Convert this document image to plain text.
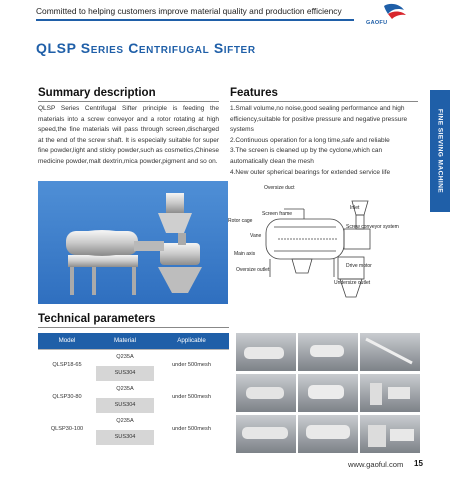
Committed to helping customers improve material quality and production efficiency
GAOFU
QLSP Series Centrifugal Sifter
Summary description	Features
QLSP Series Centrifugal Sifter principle is feeding the materials into a screw conveyor and a rotor rotating at high speed,the fine materials will pass through screen,discharged at the end of the screw shaft. It is especially suitable for super fine powder,light and sticky powder,such as cosmetics,Chinese medicine powder,malt dextrin,mica powder,pigment and so on.
1.Small volume,no noise,good sealing performance and high efficiency,suitable for positive pressure and negative pressure systems
2.Continuous operation for a long time,safe and reliable
3.The screen is cleaned up by the cyclone,which can automatically clean the mesh
4.New outer spherical bearings for extended service life	FINE SIEVING MACHINE
Oversize duct
Inlet
Screen frame
Rotor cage
Vane
Screw conveyor system
Main axis
Oversize outlet
Drive motor
Undersize outlet
Technical parameters
Model	Material	Applicable
QLSP18-65	Q235A	under 500mesh
	SUS304	
QLSP30-80	Q235A	under 500mesh
	SUS304	
QLSP30-100	Q235A	under 500mesh
	SUS304	
www.gaoful.com 15
